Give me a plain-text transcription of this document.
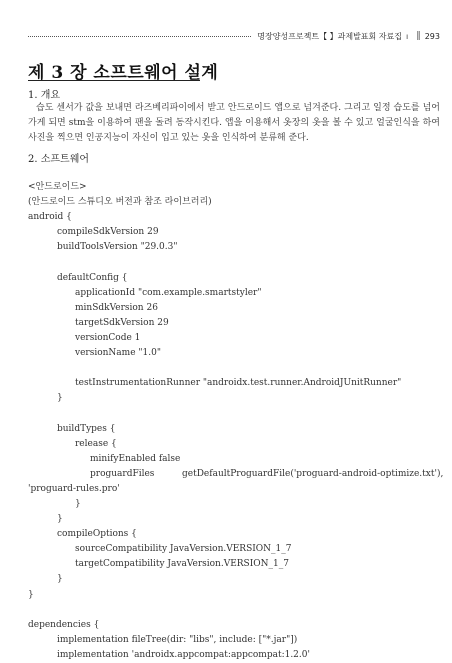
명장양성프로젝트【 】과제발표회 자료집 ı ‖ 293
제 3 장 소프트웨어 설계
1. 개요

습도 센서가 값을 보내면 라즈베리파이에서 받고 안드로이드 앱으로 넘겨준다. 그리고 일정 습도를 넘어가게 되면 stm을 이용하여 팬을 돌려 동작시킨다. 앱을 이용해서 옷장의 옷을 볼 수 있고 얼굴인식을 하여 사진을 찍으면 인공지능이 자신이 입고 있는 옷을 인식하여 분류해 준다.

2. 소프트웨어
<안드로이드>
(안드로이드 스튜디오 버전과 참조 라이브러리)
android {
compileSdkVersion 29
buildToolsVersion "29.0.3"
defaultConfig {
applicationId "com.example.smartstyler"
minSdkVersion 26
targetSdkVersion 29
versionCode 1
versionName "1.0"
testInstrumentationRunner "androidx.test.runner.AndroidJUnitRunner"
}
buildTypes {
release {
minifyEnabled false
proguardFiles	getDefaultProguardFile('proguard-android-optimize.txt'),
'proguard-rules.pro'
}
}
compileOptions {
sourceCompatibility JavaVersion.VERSION_1_7
targetCompatibility JavaVersion.VERSION_1_7
}
}
dependencies {
implementation fileTree(dir: "libs", include: ["*.jar"])
implementation 'androidx.appcompat:appcompat:1.2.0'
